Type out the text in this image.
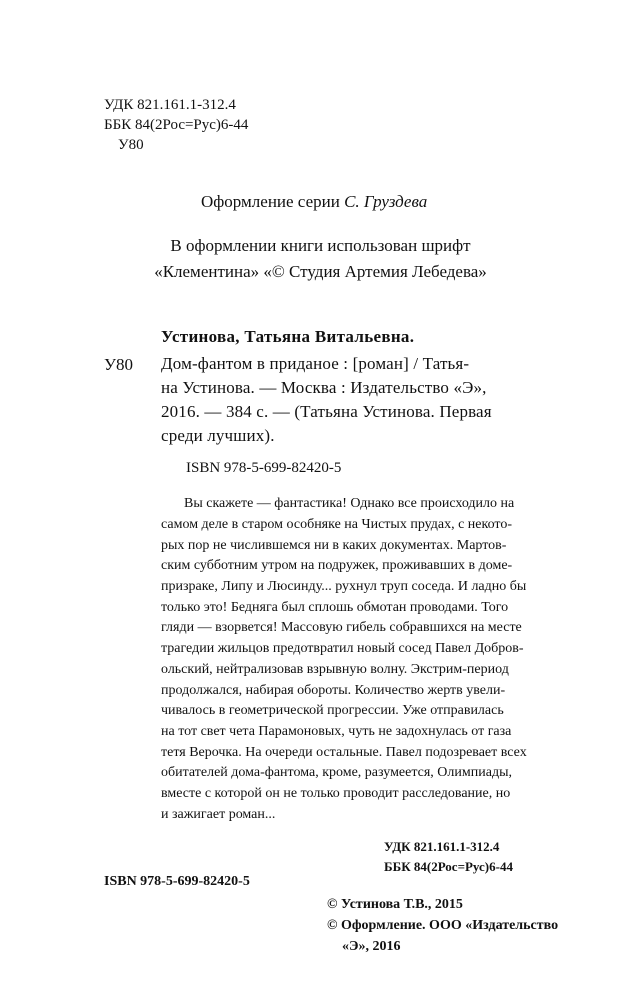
УДК 821.161.1-312.4
ББК 84(2Рос=Рус)6-44
У80
Оформление серии С. Груздева
В оформлении книги использован шрифт
«Клементина» «© Студия Артемия Лебедева»
Устинова, Татьяна Витальевна.
У80 Дом-фантом в приданое : [роман] / Татья-
на Устинова. — Москва : Издательство «Э»,
2016. — 384 с. — (Татьяна Устинова. Первая
среди лучших).
ISBN 978-5-699-82420-5
Вы скажете — фантастика! Однако все происходило на
самом деле в старом особняке на Чистых прудах, с некото-
рых пор не числившемся ни в каких документах. Мартов-
ским субботним утром на подружек, проживавших в доме-
призраке, Липу и Люсинду... рухнул труп соседа. И ладно бы
только это! Бедняга был сплошь обмотан проводами. Того
гляди — взорвется! Массовую гибель собравшихся на месте
трагедии жильцов предотвратил новый сосед Павел Добров-
ольский, нейтрализовав взрывную волну. Экстрим-период
продолжался, набирая обороты. Количество жертв увели-
чивалось в геометрической прогрессии. Уже отправилась
на тот свет чета Парамоновых, чуть не задохнулась от газа
тетя Верочка. На очереди остальные. Павел подозревает всех
обитателей дома-фантома, кроме, разумеется, Олимпиады,
вместе с которой он не только проводит расследование, но
и зажигает роман...
УДК 821.161.1-312.4
ББК 84(2Рос=Рус)6-44
© Устинова Т.В., 2015
© Оформление. ООО «Издательство
«Э», 2016
ISBN 978-5-699-82420-5
